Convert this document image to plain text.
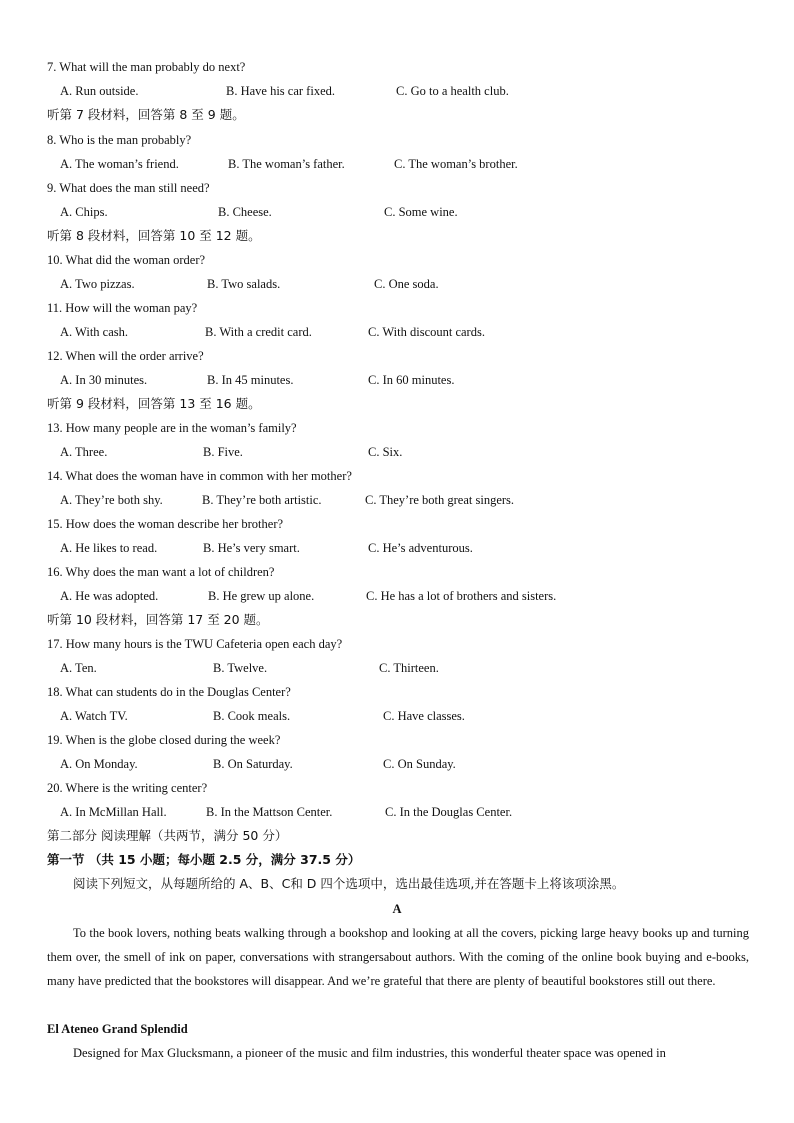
7. What will the man probably do next?
A. Run outside.	B. Have his car fixed.	C. Go to a health club.
听第 7 段材料，回答第 8 至 9 题。
8. Who is the man probably?
A. The woman’s friend.	B. The woman’s father.	C. The woman’s brother.
9. What does the man still need?
A. Chips.	B. Cheese.	C. Some wine.
听第 8 段材料，回答第 10 至 12 题。
10. What did the woman order?
A. Two pizzas.	B. Two salads.	C. One soda.
11. How will the woman pay?
A. With cash.	B. With a credit card.	C. With discount cards.
12. When will the order arrive?
A. In 30 minutes.	B. In 45 minutes.	C. In 60 minutes.
听第 9 段材料，回答第 13 至 16 题。
13. How many people are in the woman’s family?
A. Three.	B. Five.	C. Six.
14. What does the woman have in common with her mother?
A. They’re both shy.	B. They’re both artistic.	C. They’re both great singers.
15. How does the woman describe her brother?
A. He likes to read.	B. He’s very smart.	C. He’s adventurous.
16. Why does the man want a lot of children?
A. He was adopted.	B. He grew up alone.	C. He has a lot of brothers and sisters.
听第 10 段材料，回答第 17 至 20 题。
17. How many hours is the TWU Cafeteria open each day?
A. Ten.	B. Twelve.	C. Thirteen.
18. What can students do in the Douglas Center?
A. Watch TV.	B. Cook meals.	C. Have classes.
19. When is the globe closed during the week?
A. On Monday.	B. On Saturday.	C. On Sunday.
20. Where is the writing center?
A. In McMillan Hall.	B. In the Mattson Center.	C. In the Douglas Center.
第二部分 阅读理解（共两节，满分 50 分）
第一节 （共 15 小题；每小题 2.5 分，满分 37.5 分）
阅读下列短文，从每题所给的 A、B、C和 D 四个选项中，选出最佳选项,并在答题卡上将该项涂黑。
A
To the book lovers, nothing beats walking through a bookshop and looking at all the covers, picking large heavy books up and turning them over, the smell of ink on paper, conversations with strangersabout authors. With the coming of the online book buying and e-books, many have predicted that the bookstores will disappear. And we’re grateful that there are plenty of beautiful bookstores still out there.
El Ateneo Grand Splendid
Designed for Max Glucksmann, a pioneer of the music and film industries, this wonderful theater space was opened in
